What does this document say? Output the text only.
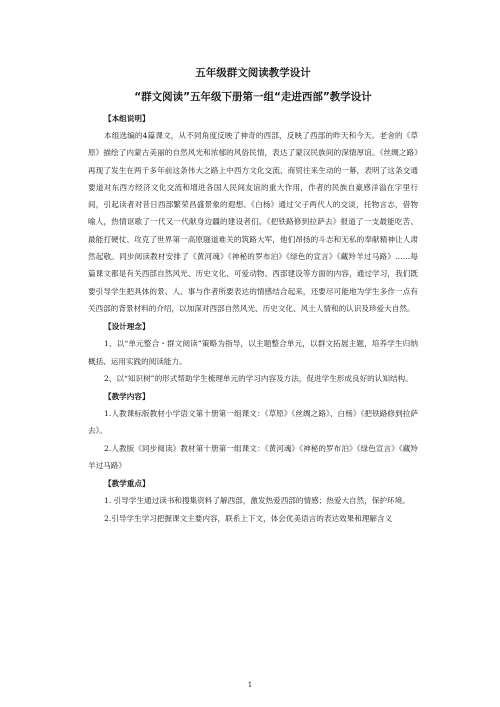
五年级群文阅读教学设计

“群文阅读”五年级下册第一组“走进西部”教学设计

【本组说明】

本组选编的4篇课文，从不同角度反映了神奇的西部，反映了西部的昨天和今天。老舍的《草原》描绘了内蒙古美丽的自然风光和浓郁的风俗民情，表达了蒙汉民族间的深情厚谊。《丝绸之路》再现了发生在两千多年前这条伟大之路上中西方文化交流、商贸往来生动的一幕，表明了这条交通要道对东西方经济文化交流和增进各国人民间友谊的重大作用，作者的民族自豪感洋溢在字里行间，引起读者对昔日西部繁荣昌盛景象的遐想。《白杨》通过父子两代人的交谈，托物言志，借物喻人，热情讴歌了一代又一代献身边疆的建设者们。《把铁路修到拉萨去》报道了一支最能吃苦、最能打硬仗、攻克了世界第一高原隧道难关的筑路大军，他们昂扬的斗志和无私的奉献精神让人肃然起敬。同步阅读教材安排了《黄河魂》《神秘的罗布泊》《绿色的宣言》《藏羚羊过马路》……每篇课文都是有关西部自然风光、历史文化、可爱动物、西部建设等方面的内容，通过学习，我们既要引导学生把具体的景、人、事与作者所要表达的情感结合起来，还要尽可能地为学生多作一点有关西部的背景材料的介绍，以加深对西部自然风光、历史文化、风土人情和的认识及珍爱大自然。

【设计理念】

1、以“单元整合・群文阅读”策略为指导，以主题整合单元，以群文拓展主题，培养学生归纳概括、运用实践的阅读能力。

2、以“知识树”的形式帮助学生梳理单元的学习内容及方法，促进学生形成良好的认知结构。

【教学内容】

1.人教课标版教材小学语文第十册第一组课文：《草原》《丝绸之路》、白杨》《把铁路修到拉萨去》。

2.人教版《同步阅读》教材第十册第一组课文：《黄河魂》《神秘的罗布泊》《绿色宣言》《藏羚羊过马路》

【教学重点】

1. 引导学生通过读书和搜集资料了解西部，激发热爱西部的情感；热爱大自然，保护环境。

2.引导学生学习把握课文主要内容，联系上下文，体会优美语言的表达效果和理解含义

1
